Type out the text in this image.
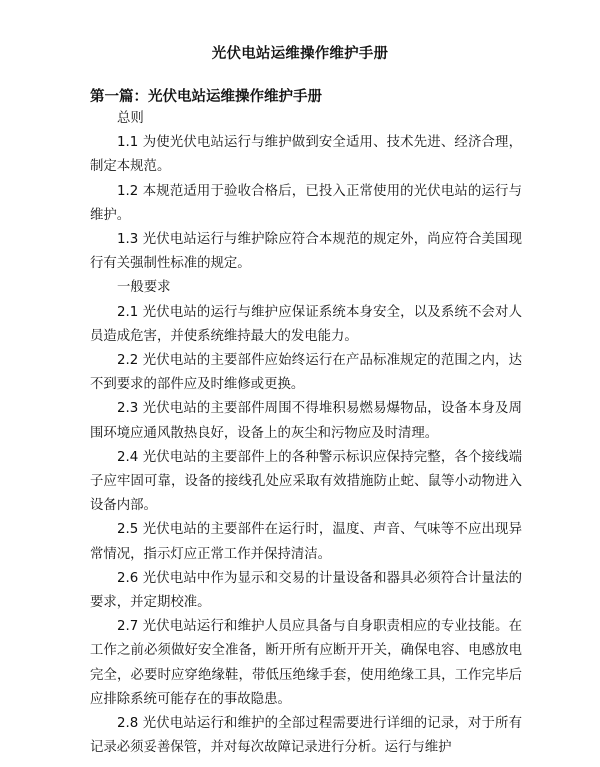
光伏电站运维操作维护手册
第一篇：光伏电站运维操作维护手册

总则

1.1 为使光伏电站运行与维护做到安全适用、技术先进、经济合理，制定本规范。

1.2 本规范适用于验收合格后，已投入正常使用的光伏电站的运行与维护。

1.3 光伏电站运行与维护除应符合本规范的规定外，尚应符合美国现行有关强制性标准的规定。

一般要求

2.1 光伏电站的运行与维护应保证系统本身安全，以及系统不会对人员造成危害，并使系统维持最大的发电能力。

2.2 光伏电站的主要部件应始终运行在产品标准规定的范围之内，达不到要求的部件应及时维修或更换。

2.3 光伏电站的主要部件周围不得堆积易燃易爆物品，设备本身及周围环境应通风散热良好，设备上的灰尘和污物应及时清理。

2.4 光伏电站的主要部件上的各种警示标识应保持完整，各个接线端子应牢固可靠，设备的接线孔处应采取有效措施防止蛇、鼠等小动物进入设备内部。

2.5 光伏电站的主要部件在运行时，温度、声音、气味等不应出现异常情况，指示灯应正常工作并保持清洁。

2.6 光伏电站中作为显示和交易的计量设备和器具必须符合计量法的要求，并定期校准。

2.7 光伏电站运行和维护人员应具备与自身职责相应的专业技能。在工作之前必须做好安全准备，断开所有应断开开关，确保电容、电感放电完全，必要时应穿绝缘鞋，带低压绝缘手套，使用绝缘工具，工作完毕后应排除系统可能存在的事故隐患。

2.8 光伏电站运行和维护的全部过程需要进行详细的记录，对于所有记录必须妥善保管，并对每次故障记录进行分析。运行与维护
